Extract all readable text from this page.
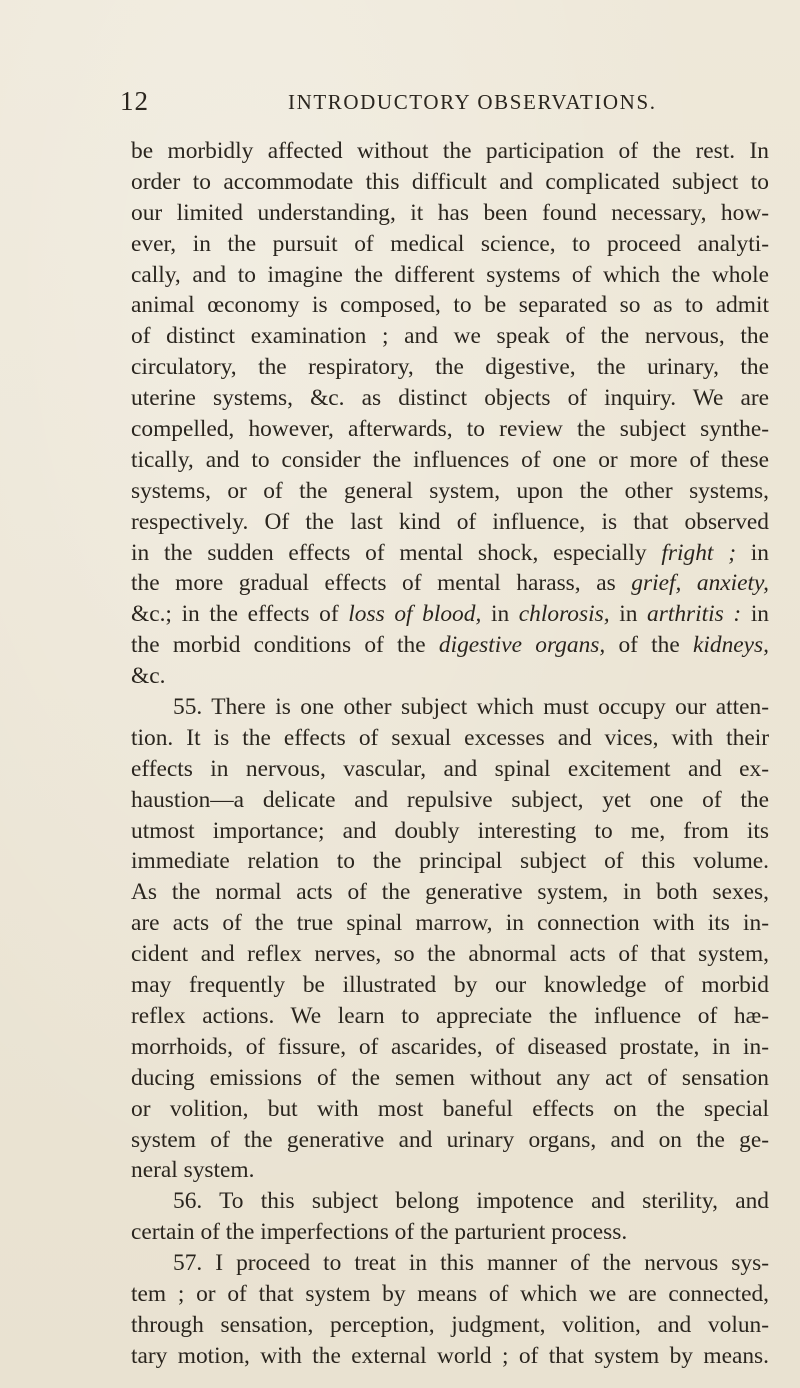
12	INTRODUCTORY OBSERVATIONS.
be morbidly affected without the participation of the rest. In
order to accommodate this difficult and complicated subject to
our limited understanding, it has been found necessary, how-
ever, in the pursuit of medical science, to proceed analyti-
cally, and to imagine the different systems of which the whole
animal œconomy is composed, to be separated so as to admit
of distinct examination ; and we speak of the nervous, the
circulatory, the respiratory, the digestive, the urinary, the
uterine systems, &c. as distinct objects of inquiry. We are
compelled, however, afterwards, to review the subject synthe-
tically, and to consider the influences of one or more of these
systems, or of the general system, upon the other systems,
respectively. Of the last kind of influence, is that observed
in the sudden effects of mental shock, especially fright ; in
the more gradual effects of mental harass, as grief, anxiety,
&c.; in the effects of loss of blood, in chlorosis, in arthritis : in
the morbid conditions of the digestive organs, of the kidneys,
&c.
55. There is one other subject which must occupy our atten-
tion. It is the effects of sexual excesses and vices, with their
effects in nervous, vascular, and spinal excitement and ex-
haustion—a delicate and repulsive subject, yet one of the
utmost importance; and doubly interesting to me, from its
immediate relation to the principal subject of this volume.
As the normal acts of the generative system, in both sexes,
are acts of the true spinal marrow, in connection with its in-
cident and reflex nerves, so the abnormal acts of that system,
may frequently be illustrated by our knowledge of morbid
reflex actions. We learn to appreciate the influence of hæ-
morrhoids, of fissure, of ascarides, of diseased prostate, in in-
ducing emissions of the semen without any act of sensation
or volition, but with most baneful effects on the special
system of the generative and urinary organs, and on the ge-
neral system.
56. To this subject belong impotence and sterility, and
certain of the imperfections of the parturient process.
57. I proceed to treat in this manner of the nervous sys-
tem ; or of that system by means of which we are connected,
through sensation, perception, judgment, volition, and volun-
tary motion, with the external world ; of that system by means.
